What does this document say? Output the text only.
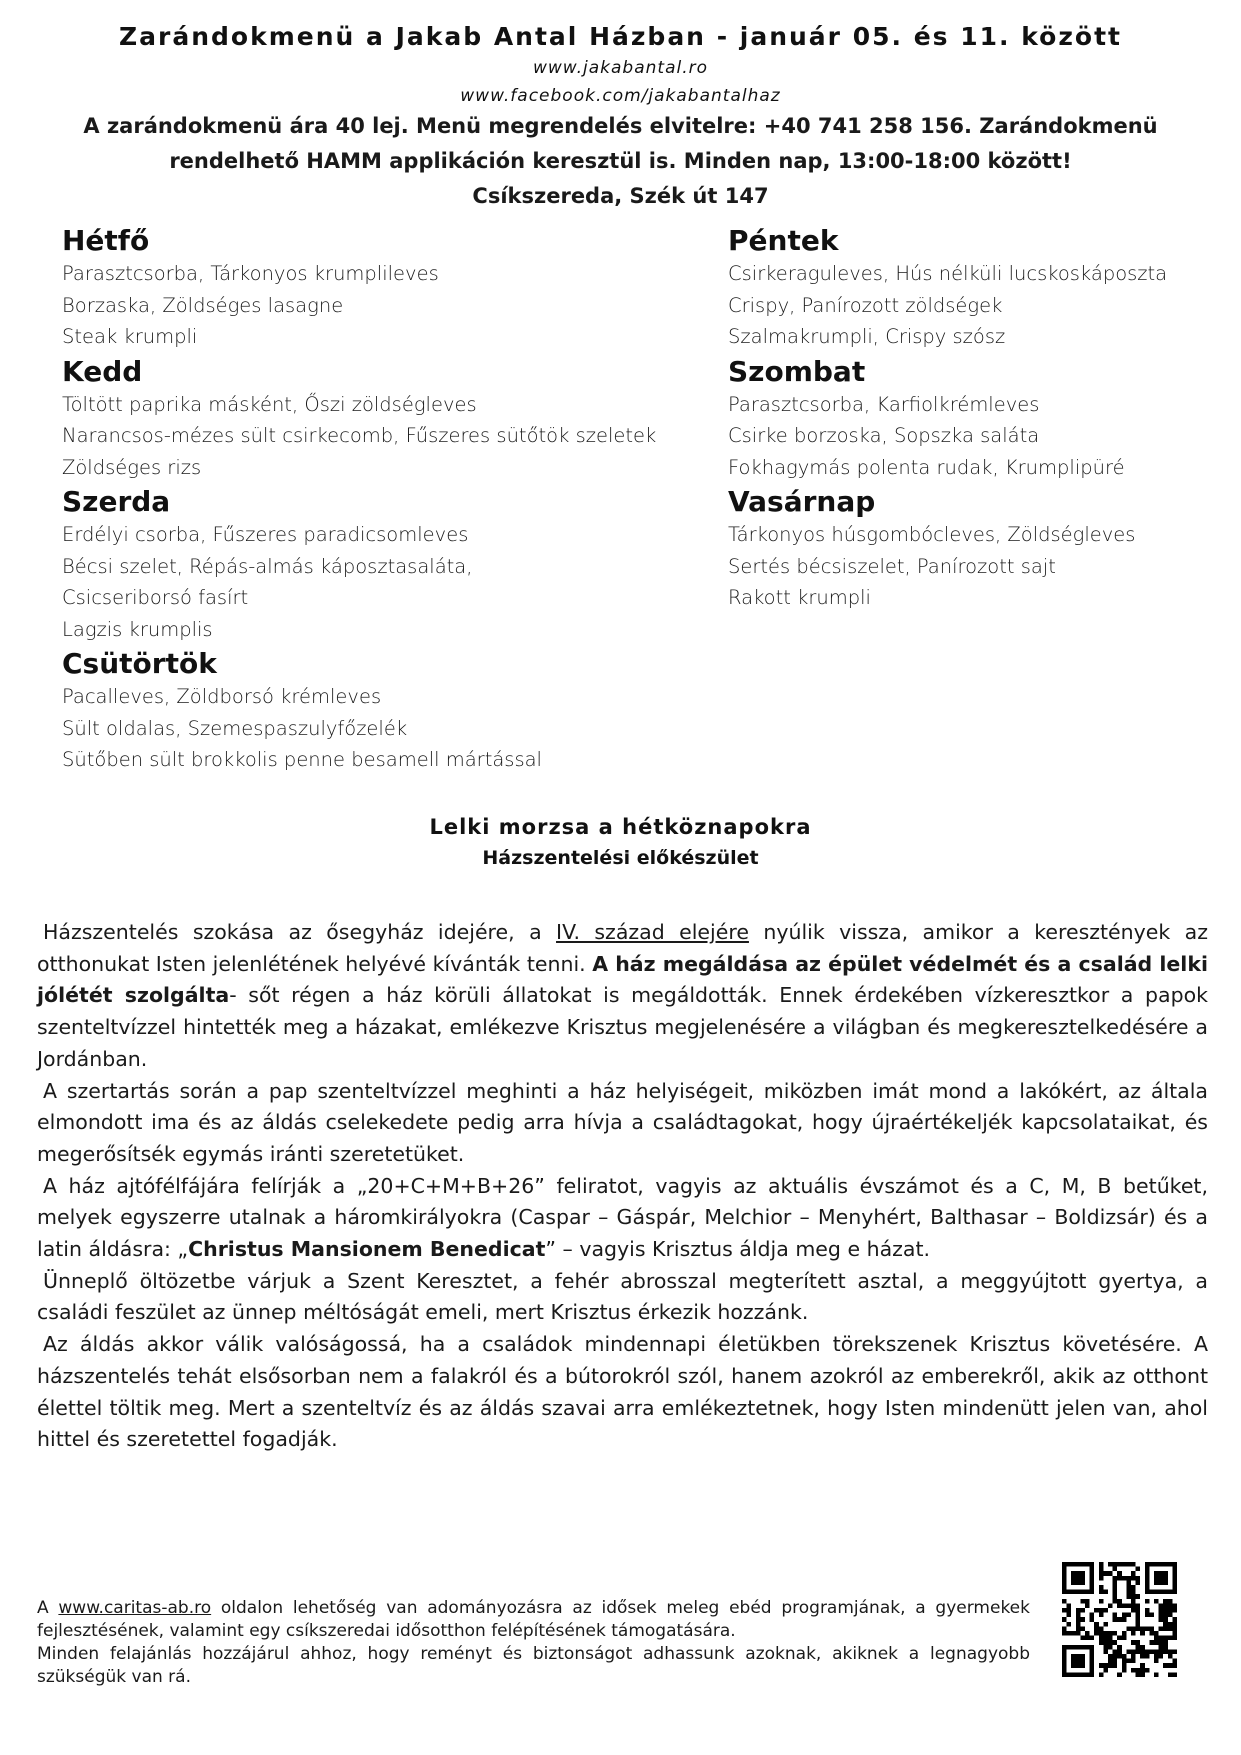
Zarándokmenü a Jakab Antal Házban - január 05. és 11. között
www.jakabantal.ro
www.facebook.com/jakabantalhaz
A zarándokmenü ára 40 lej. Menü megrendelés elvitelre: +40 741 258 156. Zarándokmenü
rendelhető HAMM applikáción keresztül is. Minden nap, 13:00-18:00 között!
Csíkszereda, Szék út 147
Hétfő
Parasztcsorba, Tárkonyos krumplileves
Borzaska, Zöldséges lasagne
Steak krumpli
Kedd
Töltött paprika másként, Őszi zöldségleves
Narancsos-mézes sült csirkecomb, Fűszeres sütőtök szeletek
Zöldséges rizs
Szerda
Erdélyi csorba, Fűszeres paradicsomleves
Bécsi szelet, Répás-almás káposztasaláta,
Csicseriborsó fasírt
Lagzis krumplis
Csütörtök
Pacalleves, Zöldborsó krémleves
Sült oldalas, Szemespaszulyfőzelék
Sütőben sült brokkolis penne besamell mártással
Péntek
Csirkeraguleves, Hús nélküli lucskoskáposzta
Crispy, Panírozott zöldségek
Szalmakrumpli, Crispy szósz
Szombat
Parasztcsorba, Karfiolkrémleves
Csirke borzoska, Sopszka saláta
Fokhagymás polenta rudak, Krumplipüré
Vasárnap
Tárkonyos húsgombócleves, Zöldségleves
Sertés bécsiszelet, Panírozott sajt
Rakott krumpli
Lelki morzsa a hétköznapokra
Házszentelési előkészület

Házszentelés szokása az ősegyház idejére, a IV. század elejére nyúlik vissza, amikor a keresztények az otthonukat Isten jelenlétének helyévé kívánták tenni. A ház megáldása az épület védelmét és a család lelki jólétét szolgálta- sőt régen a ház körüli állatokat is megáldották. Ennek érdekében vízkeresztkor a papok szenteltvízzel hintették meg a házakat, emlékezve Krisztus megjelenésére a világban és megkeresztelkedésére a Jordánban.

A szertartás során a pap szenteltvízzel meghinti a ház helyiségeit, miközben imát mond a lakókért, az általa elmondott ima és az áldás cselekedete pedig arra hívja a családtagokat, hogy újraértékeljék kapcsolataikat, és megerősítsék egymás iránti szeretetüket.

A ház ajtófélfájára felírják a „20+C+M+B+26” feliratot, vagyis az aktuális évszámot és a C, M, B betűket, melyek egyszerre utalnak a háromkirályokra (Caspar – Gáspár, Melchior – Menyhért, Balthasar – Boldizsár) és a latin áldásra: „Christus Mansionem Benedicat” – vagyis Krisztus áldja meg e házat.

Ünneplő öltözetbe várjuk a Szent Keresztet, a fehér abrosszal megterített asztal, a meggyújtott gyertya, a családi feszület az ünnep méltóságát emeli, mert Krisztus érkezik hozzánk.

Az áldás akkor válik valóságossá, ha a családok mindennapi életükben törekszenek Krisztus követésére. A házszentelés tehát elsősorban nem a falakról és a bútorokról szól, hanem azokról az emberekről, akik az otthont élettel töltik meg. Mert a szenteltvíz és az áldás szavai arra emlékeztetnek, hogy Isten mindenütt jelen van, ahol hittel és szeretettel fogadják.

A www.caritas-ab.ro oldalon lehetőség van adományozásra az idősek meleg ebéd programjának, a gyermekek fejlesztésének, valamint egy csíkszeredai idősotthon felépítésének támogatására.

Minden felajánlás hozzájárul ahhoz, hogy reményt és biztonságot adhassunk azoknak, akiknek a legnagyobb szükségük van rá.
